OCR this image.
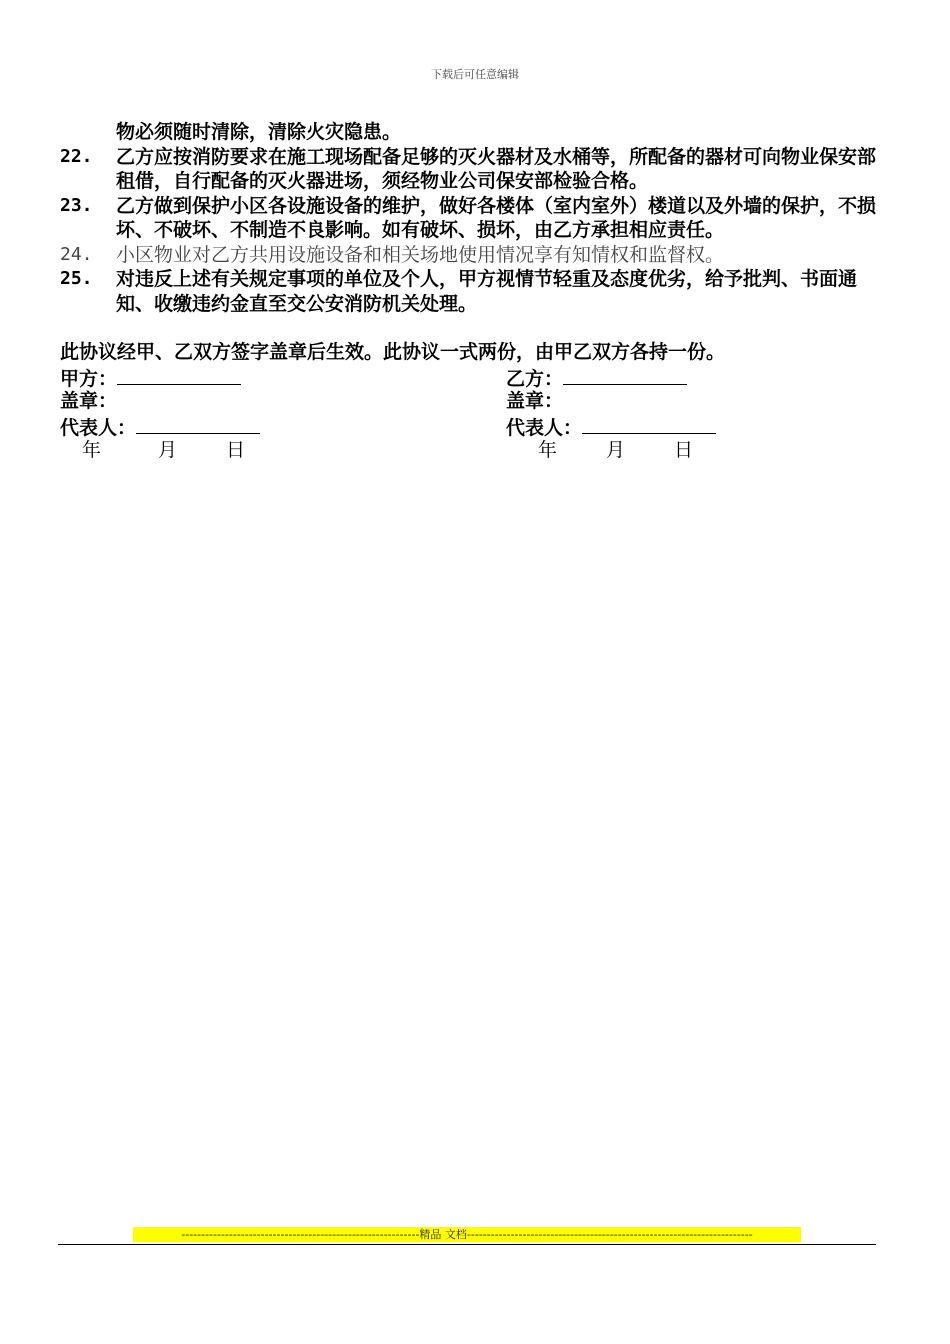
下载后可任意编辑

物必须随时清除，清除火灾隐患。

22.	乙方应按消防要求在施工现场配备足够的灭火器材及水桶等，所配备的器材可向物业保安部租借，自行配备的灭火器进场，须经物业公司保安部检验合格。
23.	乙方做到保护小区各设施设备的维护，做好各楼体（室内室外）楼道以及外墙的保护，不损坏、不破坏、不制造不良影响。如有破坏、损坏，由乙方承担相应责任。
24.	小区物业对乙方共用设施设备和相关场地使用情况享有知情权和监督权。
25.	对违反上述有关规定事项的单位及个人，甲方视情节轻重及态度优劣，给予批判、书面通知、收缴违约金直至交公安消防机关处理。
此协议经甲、乙双方签字盖章后生效。此协议一式两份，由甲乙双方各持一份。
甲方：	乙方：
盖章：	盖章：
代表人：	代表人：
年	月	日	年	月	日
------------------------------------------------------------精品 文档------------------------------------------------------------------------
